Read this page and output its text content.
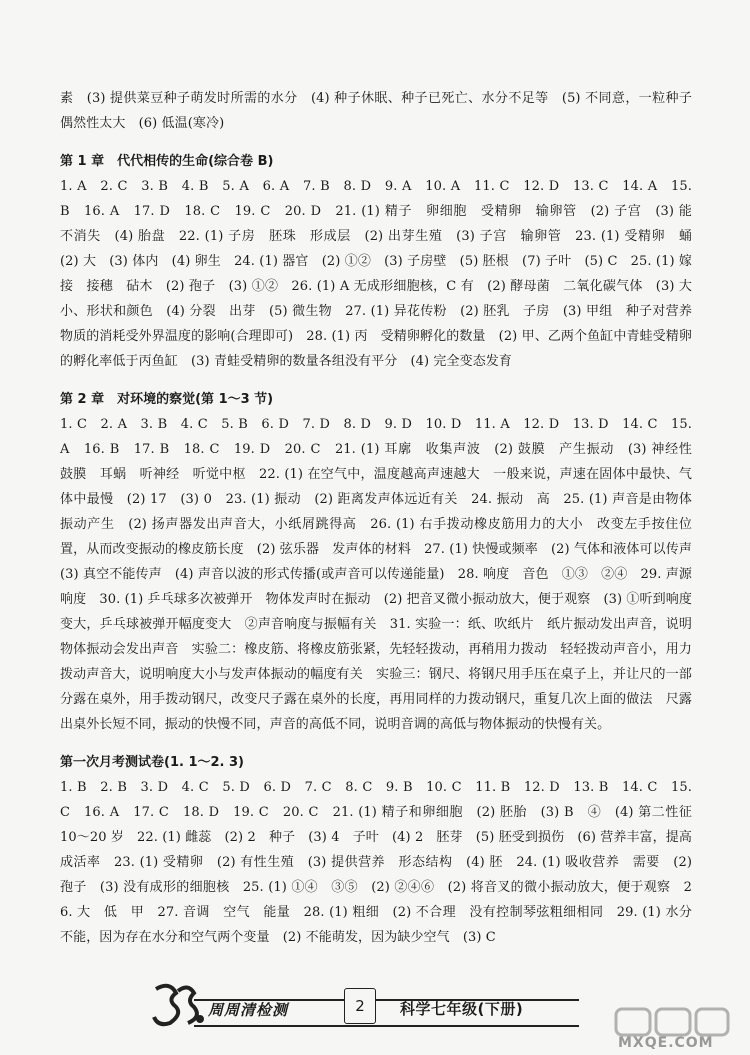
素　(3) 提供菜豆种子萌发时所需的水分　(4) 种子休眠、种子已死亡、水分不足等　(5) 不同意，一粒种子偶然性太大　(6) 低温(寒冷)

第 1 章　代代相传的生命(综合卷 B)

1. A　2. C　3. B　4. B　5. A　6. A　7. B　8. D　9. A　10. A　11. C　12. D　13. C　14. A　15. B　16. A　17. D　18. C　19. C　20. D　21. (1) 精子　卵细胞　受精卵　输卵管　(2) 子宫　(3) 能　不消失　(4) 胎盘　22. (1) 子房　胚珠　形成层　(2) 出芽生殖　(3) 子宫　输卵管　23. (1) 受精卵　蛹　(2) 大　(3) 体内　(4) 卵生　24. (1) 器官　(2) ①②　(3) 子房壁　(5) 胚根　(7) 子叶　(5) C　25. (1) 嫁接　接穗　砧木　(2) 孢子　(3) ①②　26. (1) A 无成形细胞核，C 有　(2) 酵母菌　二氧化碳气体　(3) 大小、形状和颜色　(4) 分裂　出芽　(5) 微生物　27. (1) 异花传粉　(2) 胚乳　子房　(3) 甲组　种子对营养物质的消耗受外界温度的影响(合理即可)　28. (1) 丙　受精卵孵化的数量　(2) 甲、乙两个鱼缸中青蛙受精卵的孵化率低于丙鱼缸　(3) 青蛙受精卵的数量各组没有平分　(4) 完全变态发育

第 2 章　对环境的察觉(第 1～3 节)

1. C　2. A　3. B　4. C　5. B　6. D　7. D　8. D　9. D　10. D　11. A　12. D　13. D　14. C　15. A　16. B　17. B　18. C　19. D　20. C　21. (1) 耳廓　收集声波　(2) 鼓膜　产生振动　(3) 神经性　鼓膜　耳蜗　听神经　听觉中枢　22. (1) 在空气中，温度越高声速越大　一般来说，声速在固体中最快、气体中最慢　(2) 17　(3) 0　23. (1) 振动　(2) 距离发声体远近有关　24. 振动　高　25. (1) 声音是由物体振动产生　(2) 扬声器发出声音大，小纸屑跳得高　26. (1) 右手拨动橡皮筋用力的大小　改变左手按住位置，从而改变振动的橡皮筋长度　(2) 弦乐器　发声体的材料　27. (1) 快慢或频率　(2) 气体和液体可以传声　(3) 真空不能传声　(4) 声音以波的形式传播(或声音可以传递能量)　28. 响度　音色　①③　②④　29. 声源　响度　30. (1) 乒乓球多次被弹开　物体发声时在振动　(2) 把音叉微小振动放大，便于观察　(3) ①听到响度变大，乒乓球被弹开幅度变大　②声音响度与振幅有关　31. 实验一：纸、吹纸片　纸片振动发出声音，说明物体振动会发出声音　实验二：橡皮筋、将橡皮筋张紧，先轻轻拨动，再稍用力拨动　轻轻拨动声音小，用力拨动声音大，说明响度大小与发声体振动的幅度有关　实验三：钢尺、将钢尺用手压在桌子上，并让尺的一部分露在桌外，用手拨动钢尺，改变尺子露在桌外的长度，再用同样的力拨动钢尺，重复几次上面的做法　尺露出桌外长短不同，振动的快慢不同，声音的高低不同，说明音调的高低与物体振动的快慢有关。

第一次月考测试卷(1. 1～2. 3)

1. B　2. B　3. D　4. C　5. D　6. D　7. C　8. C　9. B　10. C　11. B　12. D　13. B　14. C　15. C　16. A　17. C　18. D　19. C　20. C　21. (1) 精子和卵细胞　(2) 胚胎　(3) B　④　(4) 第二性征　10～20 岁　22. (1) 雌蕊　(2) 2　种子　(3) 4　子叶　(4) 2　胚芽　(5) 胚受到损伤　(6) 营养丰富，提高成活率　23. (1) 受精卵　(2) 有性生殖　(3) 提供营养　形态结构　(4) 胚　24. (1) 吸收营养　需要　(2) 孢子　(3) 没有成形的细胞核　25. (1) ①④　③⑤　(2) ②④⑥　(2) 将音叉的微小振动放大，便于观察　26. 大　低　甲　27. 音调　空气　能量　28. (1) 粗细　(2) 不合理　没有控制琴弦粗细相同　29. (1) 水分　不能，因为存在水分和空气两个变量　(2) 不能萌发，因为缺少空气　(3) C

周周清检测	2	科学七年级(下册)
MXQE.COM
